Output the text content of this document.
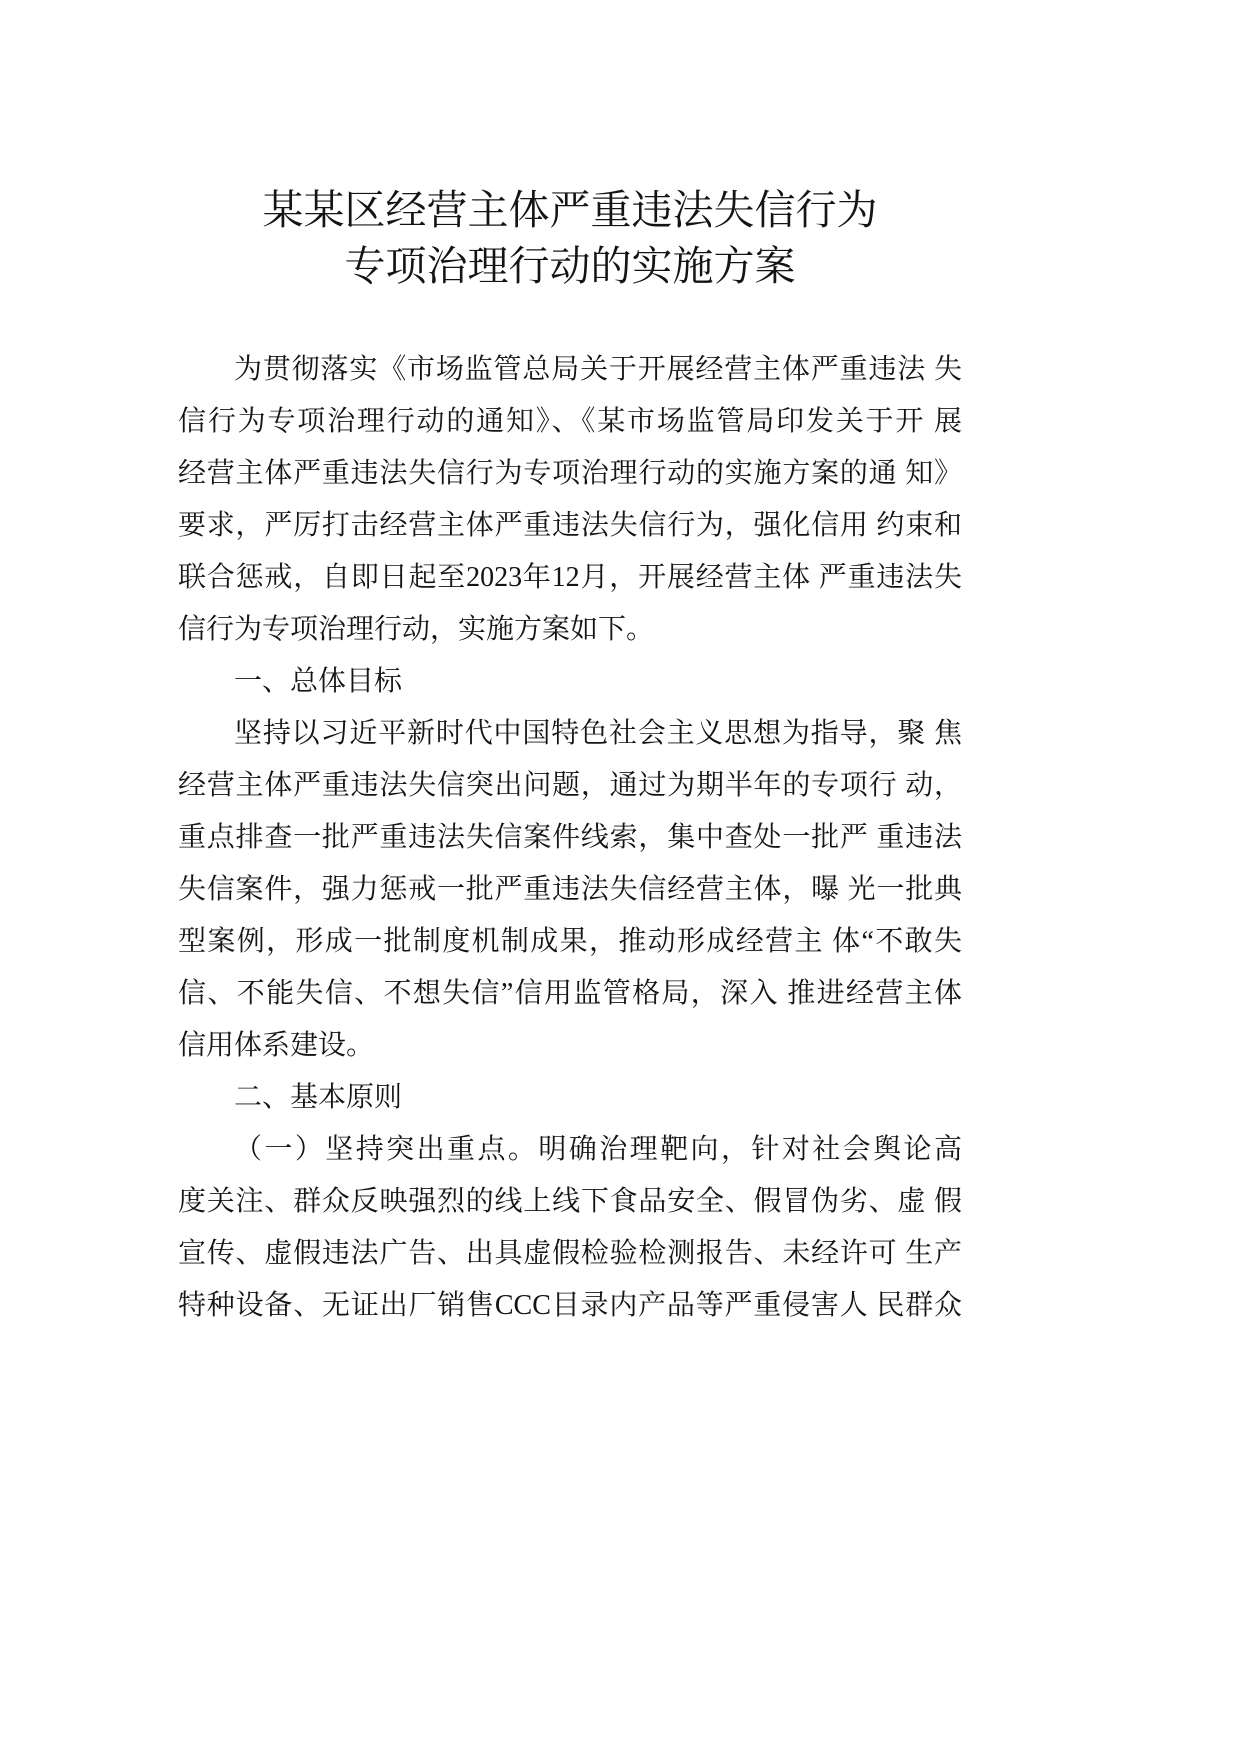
某某区经营主体严重违法失信行为
专项治理行动的实施方案
为贯彻落实《市场监管总局关于开展经营主体严重违法 失
信行为专项治理行动的通知》、《某市场监管局印发关于开 展
经营主体严重违法失信行为专项治理行动的实施方案的通 知》
要求，严厉打击经营主体严重违法失信行为，强化信用 约束和
联合惩戒，自即日起至2023年12月，开展经营主体 严重违法失
信行为专项治理行动，实施方案如下。
一、总体目标
坚持以习近平新时代中国特色社会主义思想为指导，聚 焦
经营主体严重违法失信突出问题，通过为期半年的专项行 动，
重点排查一批严重违法失信案件线索，集中查处一批严 重违法
失信案件，强力惩戒一批严重违法失信经营主体，曝 光一批典
型案例，形成一批制度机制成果，推动形成经营主 体“不敢失
信、不能失信、不想失信”信用监管格局，深入 推进经营主体
信用体系建设。
二、基本原则
（一）坚持突出重点。明确治理靶向，针对社会舆论高
度关注、群众反映强烈的线上线下食品安全、假冒伪劣、虚 假
宣传、虚假违法广告、出具虚假检验检测报告、未经许可 生产
特种设备、无证出厂销售CCC目录内产品等严重侵害人 民群众
